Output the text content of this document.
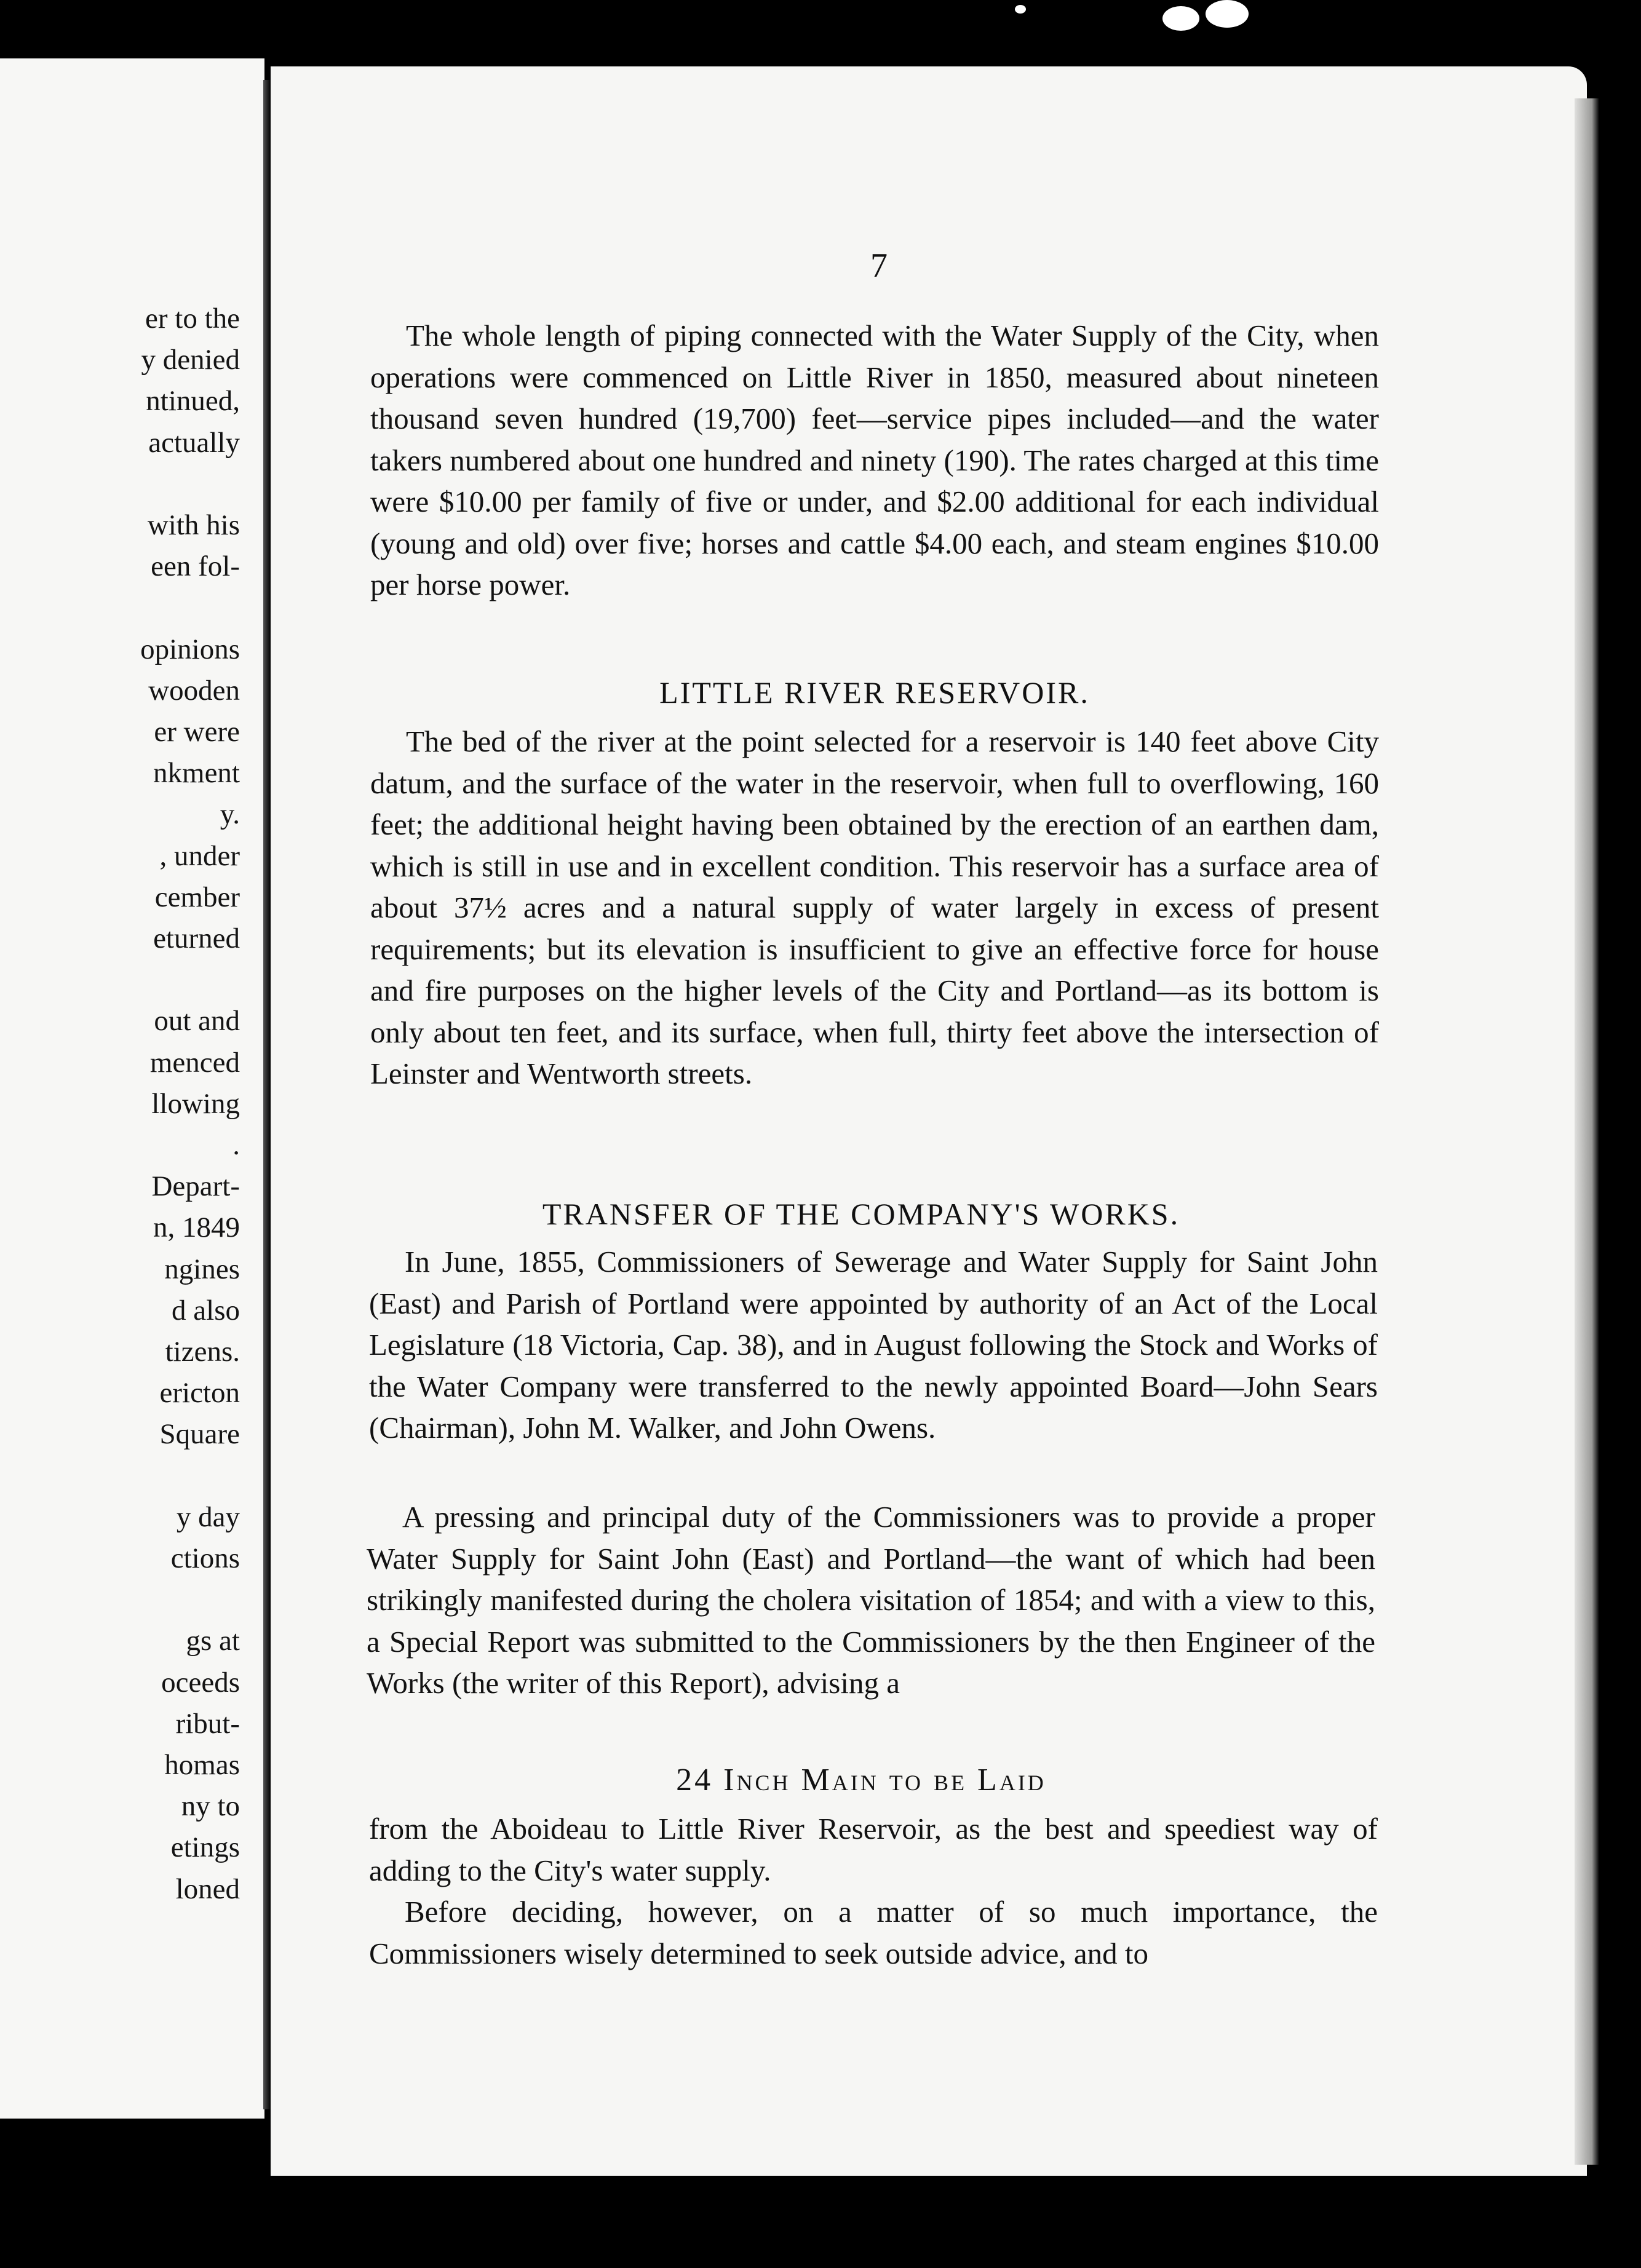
er to the
y denied
ntinued,
actually
with his
een fol-
opinions
wooden
er were
nkment
y.
, under
cember
eturned
out and
menced
llowing
.
Depart-
n, 1849
ngines
d also
tizens.
ericton
Square
y day
ctions
gs at
oceeds
ribut-
homas
ny to
etings
loned
7

The whole length of piping connected with the Water Supply of the City, when operations were commenced on Little River in 1850, measured about nineteen thousand seven hundred (19,700) feet—service pipes included—and the water takers numbered about one hundred and ninety (190). The rates charged at this time were $10.00 per family of five or under, and $2.00 additional for each individual (young and old) over five; horses and cattle $4.00 each, and steam engines $10.00 per horse power.

LITTLE RIVER RESERVOIR.

The bed of the river at the point selected for a reservoir is 140 feet above City datum, and the surface of the water in the reservoir, when full to overflowing, 160 feet; the additional height having been obtained by the erection of an earthen dam, which is still in use and in excellent condition. This reservoir has a surface area of about 37½ acres and a natural supply of water largely in excess of present requirements; but its elevation is insufficient to give an effective force for house and fire purposes on the higher levels of the City and Portland—as its bottom is only about ten feet, and its surface, when full, thirty feet above the intersection of Leinster and Wentworth streets.

TRANSFER OF THE COMPANY'S WORKS.

In June, 1855, Commissioners of Sewerage and Water Supply for Saint John (East) and Parish of Portland were appointed by authority of an Act of the Local Legislature (18 Victoria, Cap. 38), and in August following the Stock and Works of the Water Company were transferred to the newly appointed Board—John Sears (Chairman), John M. Walker, and John Owens.

A pressing and principal duty of the Commissioners was to provide a proper Water Supply for Saint John (East) and Portland—the want of which had been strikingly manifested during the cholera visitation of 1854; and with a view to this, a Special Report was submitted to the Commissioners by the then Engineer of the Works (the writer of this Report), advising a

24 Inch Main to be Laid

from the Aboideau to Little River Reservoir, as the best and speediest way of adding to the City's water supply.

Before deciding, however, on a matter of so much importance, the Commissioners wisely determined to seek outside advice, and to
